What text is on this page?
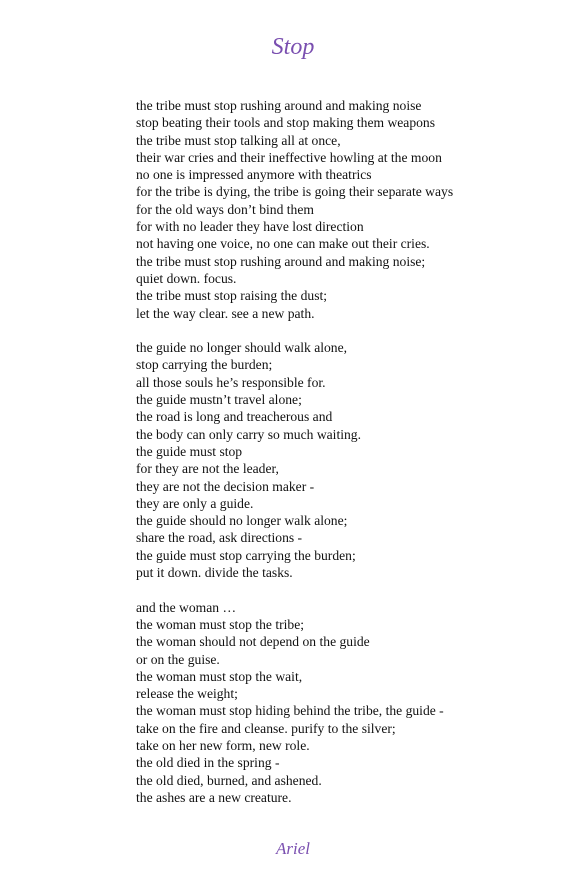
Stop
the tribe must stop rushing around and making noise
stop beating their tools and stop making them weapons
the tribe must stop talking all at once,
their war cries and their ineffective howling at the moon
no one is impressed anymore with theatrics
for the tribe is dying, the tribe is going their separate ways
for the old ways don’t bind them
for with no leader they have lost direction
not having one voice, no one can make out their cries.
the tribe must stop rushing around and making noise;
quiet down. focus.
the tribe must stop raising the dust;
let the way clear. see a new path.
the guide no longer should walk alone,
stop carrying the burden;
all those souls he’s responsible for.
the guide mustn’t travel alone;
the road is long and treacherous and
the body can only carry so much waiting.
the guide must stop
for they are not the leader,
they are not the decision maker -
they are only a guide.
the guide should no longer walk alone;
share the road, ask directions -
the guide must stop carrying the burden;
put it down. divide the tasks.
and the woman …
the woman must stop the tribe;
the woman should not depend on the guide
or on the guise.
the woman must stop the wait,
release the weight;
the woman must stop hiding behind the tribe, the guide -
take on the fire and cleanse. purify to the silver;
take on her new form, new role.
the old died in the spring -
the old died, burned, and ashened.
the ashes are a new creature.
Ariel
